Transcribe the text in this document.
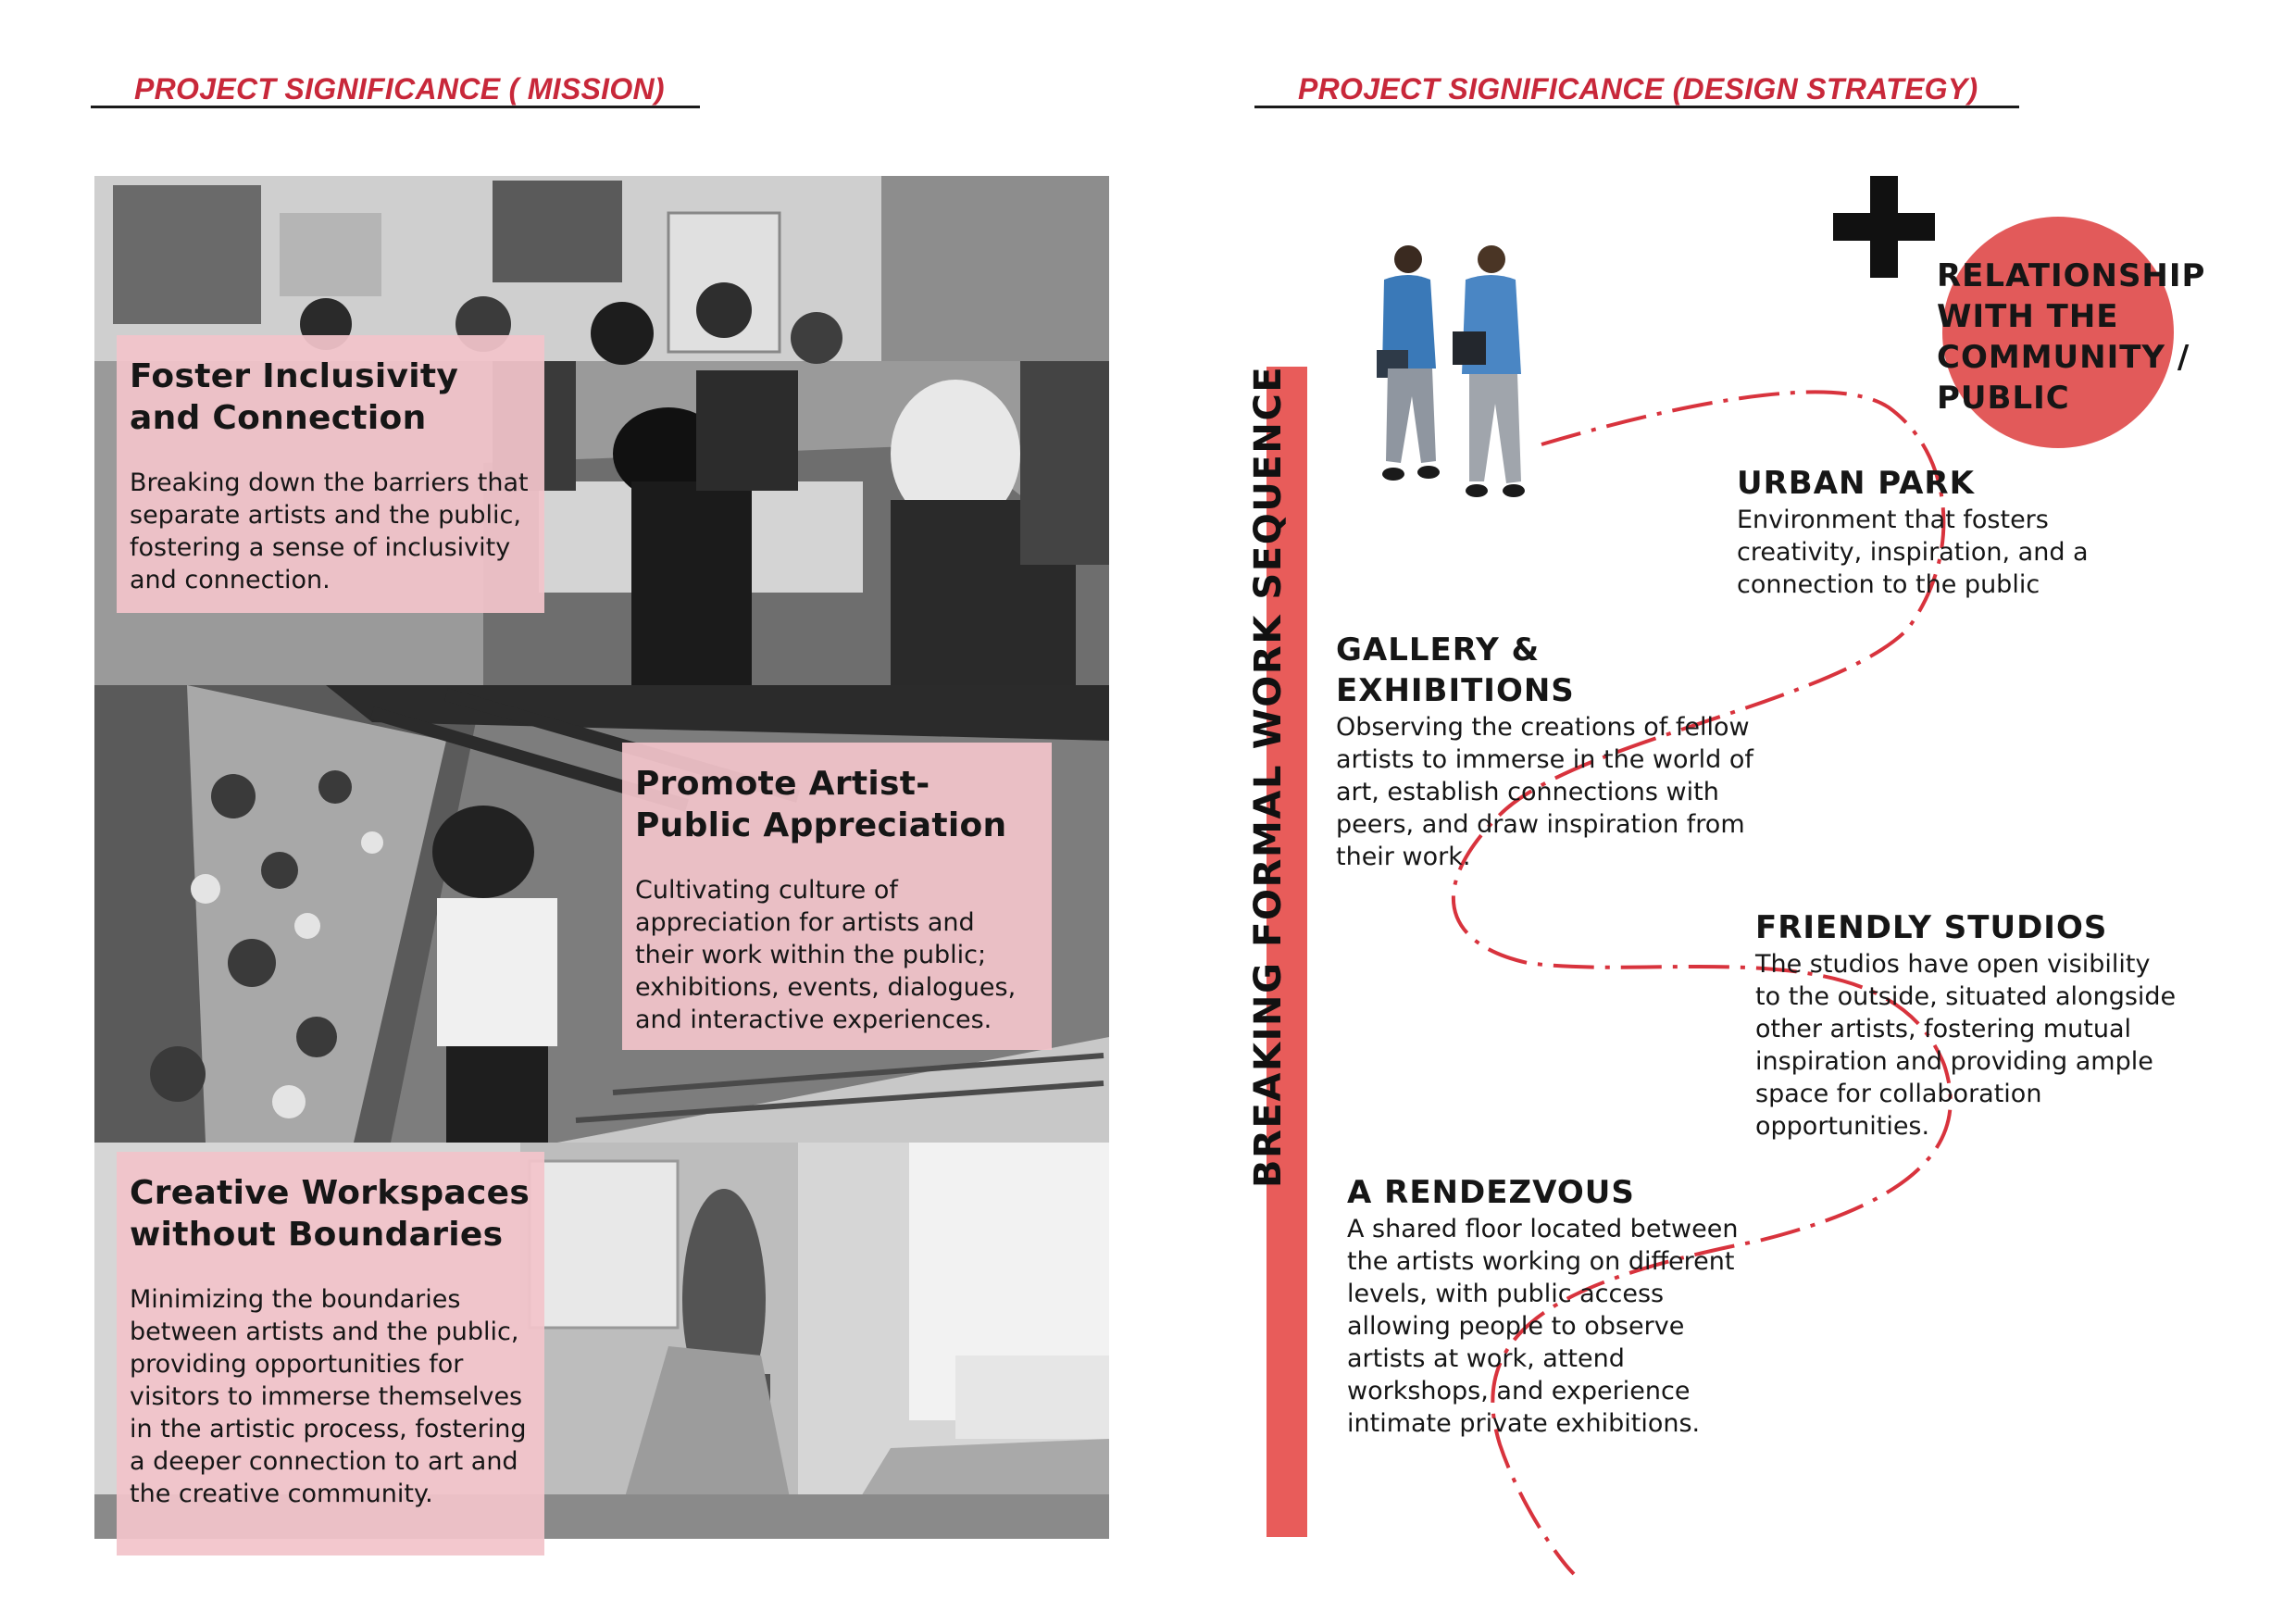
PROJECT SIGNIFICANCE ( MISSION)
Foster Inclusivity and Connection

Breaking down the barriers that separate artists and the public, fostering a sense of inclusivity and connection.

Promote Artist-Public Appreciation

Cultivating culture of appreciation for artists and their work within the public; exhibitions, events, dialogues, and interactive experiences.

Creative Workspaces without Boundaries

Minimizing the boundaries between artists and the public, providing opportunities for visitors to immerse themselves in the artistic process, fostering a deeper connection to art and the creative community.

PROJECT SIGNIFICANCE (DESIGN STRATEGY)
BREAKING FORMAL WORK SEQUENCE
RELATIONSHIP WITH THE COMMUNITY / PUBLIC
URBAN PARK

Environment that fosters creativity, inspiration, and a connection to the public

GALLERY & EXHIBITIONS

Observing the creations of fellow artists to immerse in the world of art, establish connections with peers, and draw inspiration from their work.

FRIENDLY STUDIOS

The studios have open visibility to the outside, situated alongside other artists, fostering mutual inspiration and providing ample space for collaboration opportunities.

A RENDEZVOUS

A shared floor located between the artists working on different levels, with public access allowing people to observe artists at work, attend workshops, and experience intimate private exhibitions.
